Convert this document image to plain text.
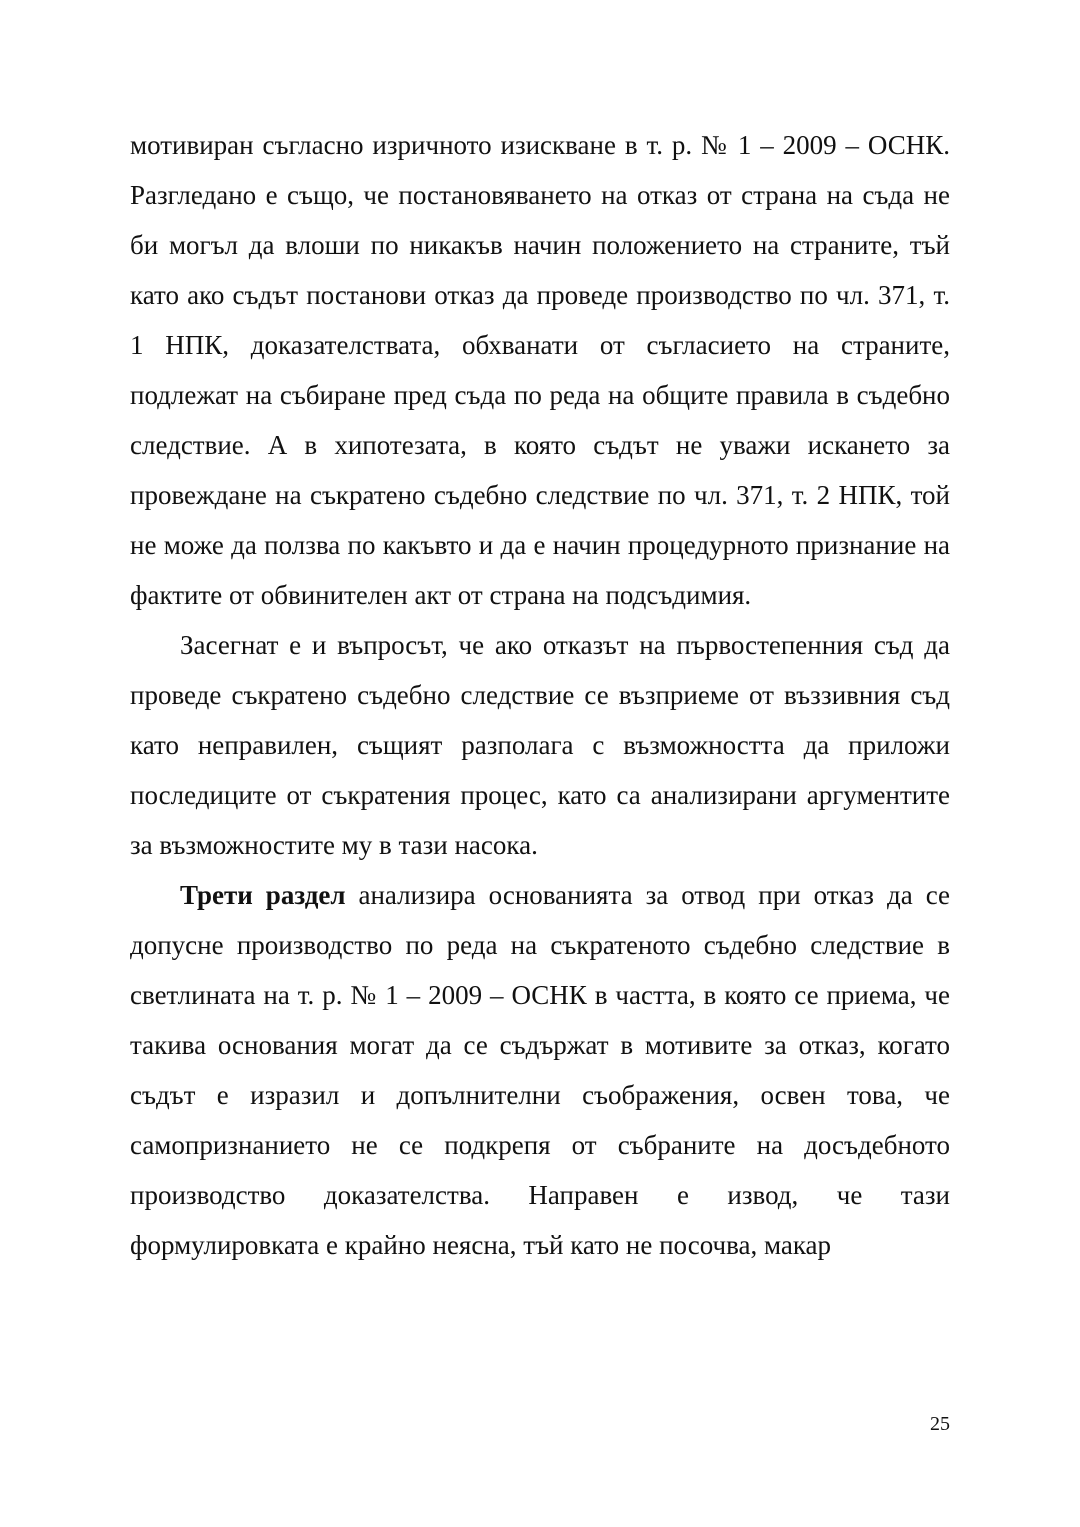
мотивиран съгласно изричното изискване в т. р. № 1 – 2009 – ОСНК. Разгледано е също, че постановяването на отказ от страна на съда не би могъл да влоши по никакъв начин положението на страните, тъй като ако съдът постанови отказ да проведе производство по чл. 371, т. 1 НПК, доказателствата, обхванати от съгласието на страните, подлежат на събиране пред съда по реда на общите правила в съдебно следствие. А в хипотезата, в която съдът не уважи искането за провеждане на съкратено съдебно следствие по чл. 371, т. 2 НПК, той не може да ползва по какъвто и да е начин процедурното признание на фактите от обвинителен акт от страна на подсъдимия.

Засегнат е и въпросът, че ако отказът на първостепенния съд да проведе съкратено съдебно следствие се възприеме от въззивния съд като неправилен, същият разполага с възможността да приложи последиците от съкратения процес, като са анализирани аргументите за възможностите му в тази насока.

Трети раздел анализира основанията за отвод при отказ да се допусне производство по реда на съкратеното съдебно следствие в светлината на т. р. № 1 – 2009 – ОСНК в частта, в която се приема, че такива основания могат да се съдържат в мотивите за отказ, когато съдът е изразил и допълнителни съображения, освен това, че самопризнанието не се подкрепя от събраните на досъдебното производство доказателства. Направен е извод, че тази формулировката е крайно неясна, тъй като не посочва, макар

25
